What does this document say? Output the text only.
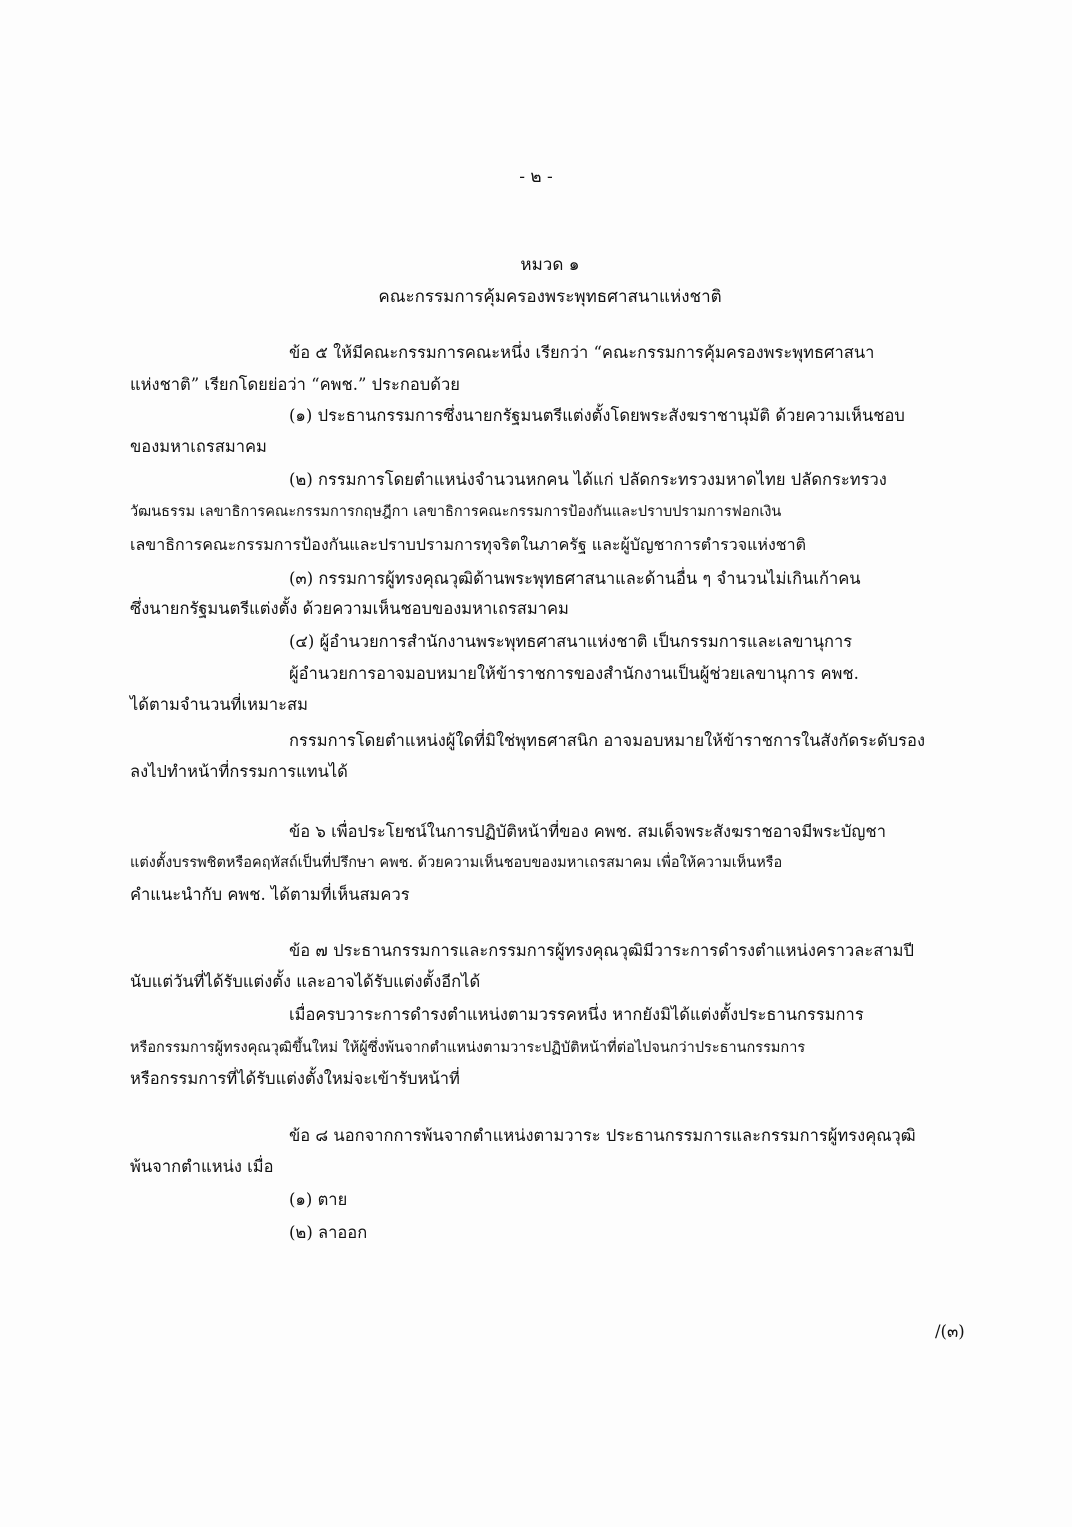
- ๒ -
หมวด ๑
คณะกรรมการคุ้มครองพระพุทธศาสนาแห่งชาติ
ข้อ ๕ ให้มีคณะกรรมการคณะหนึ่ง เรียกว่า “คณะกรรมการคุ้มครองพระพุทธศาสนา
แห่งชาติ” เรียกโดยย่อว่า “คพช.” ประกอบด้วย
(๑) ประธานกรรมการซึ่งนายกรัฐมนตรีแต่งตั้งโดยพระสังฆราชานุมัติ ด้วยความเห็นชอบ
ของมหาเถรสมาคม
(๒) กรรมการโดยตำแหน่งจำนวนหกคน ได้แก่ ปลัดกระทรวงมหาดไทย ปลัดกระทรวง
วัฒนธรรม เลขาธิการคณะกรรมการกฤษฎีกา เลขาธิการคณะกรรมการป้องกันและปราบปรามการฟอกเงิน
เลขาธิการคณะกรรมการป้องกันและปราบปรามการทุจริตในภาครัฐ และผู้บัญชาการตำรวจแห่งชาติ
(๓) กรรมการผู้ทรงคุณวุฒิด้านพระพุทธศาสนาและด้านอื่น ๆ จำนวนไม่เกินเก้าคน
ซึ่งนายกรัฐมนตรีแต่งตั้ง ด้วยความเห็นชอบของมหาเถรสมาคม
(๔) ผู้อำนวยการสำนักงานพระพุทธศาสนาแห่งชาติ เป็นกรรมการและเลขานุการ
ผู้อำนวยการอาจมอบหมายให้ข้าราชการของสำนักงานเป็นผู้ช่วยเลขานุการ คพช.
ได้ตามจำนวนที่เหมาะสม
กรรมการโดยตำแหน่งผู้ใดที่มิใช่พุทธศาสนิก อาจมอบหมายให้ข้าราชการในสังกัดระดับรอง
ลงไปทำหน้าที่กรรมการแทนได้
ข้อ ๖ เพื่อประโยชน์ในการปฏิบัติหน้าที่ของ คพช. สมเด็จพระสังฆราชอาจมีพระบัญชา
แต่งตั้งบรรพชิตหรือคฤหัสถ์เป็นที่ปรึกษา คพช. ด้วยความเห็นชอบของมหาเถรสมาคม เพื่อให้ความเห็นหรือ
คำแนะนำกับ คพช. ได้ตามที่เห็นสมควร
ข้อ ๗ ประธานกรรมการและกรรมการผู้ทรงคุณวุฒิมีวาระการดำรงตำแหน่งคราวละสามปี
นับแต่วันที่ได้รับแต่งตั้ง และอาจได้รับแต่งตั้งอีกได้
เมื่อครบวาระการดำรงตำแหน่งตามวรรคหนึ่ง หากยังมิได้แต่งตั้งประธานกรรมการ
หรือกรรมการผู้ทรงคุณวุฒิขึ้นใหม่ ให้ผู้ซึ่งพ้นจากตำแหน่งตามวาระปฏิบัติหน้าที่ต่อไปจนกว่าประธานกรรมการ
หรือกรรมการที่ได้รับแต่งตั้งใหม่จะเข้ารับหน้าที่
ข้อ ๘ นอกจากการพ้นจากตำแหน่งตามวาระ ประธานกรรมการและกรรมการผู้ทรงคุณวุฒิ
พ้นจากตำแหน่ง เมื่อ
(๑) ตาย
(๒) ลาออก
/(๓)
